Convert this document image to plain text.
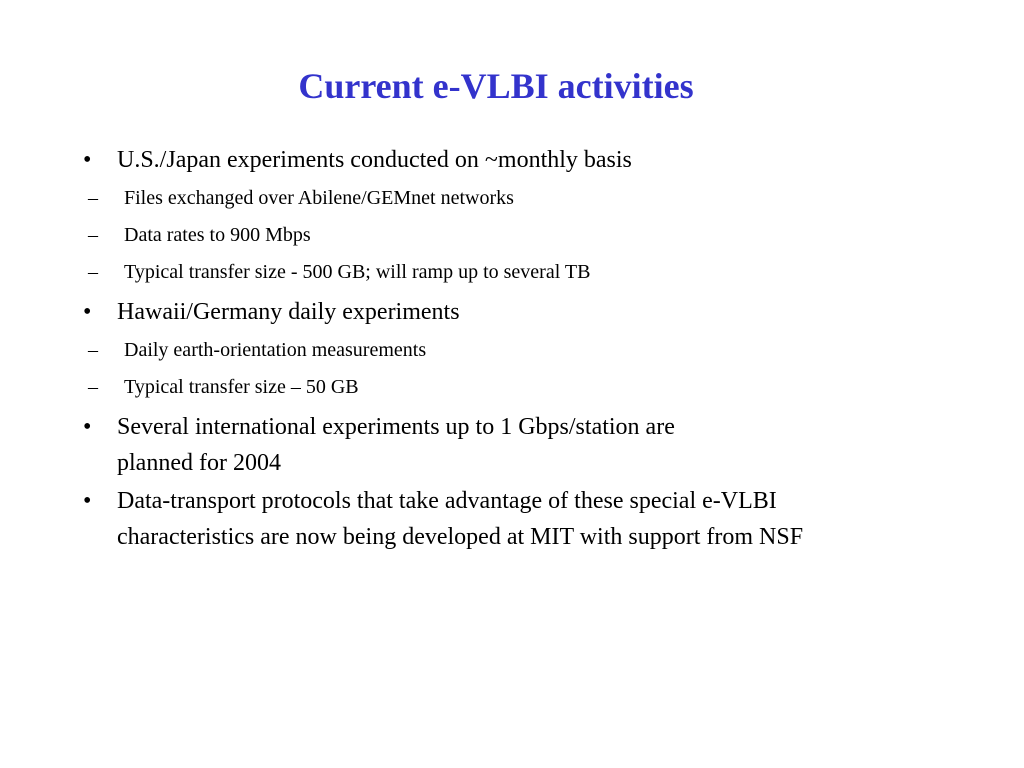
Current e-VLBI activities
•	U.S./Japan experiments conducted on ~monthly basis
–	Files exchanged over Abilene/GEMnet networks
–	Data rates to 900 Mbps
–	Typical transfer size - 500 GB; will ramp up to several TB
•	Hawaii/Germany daily experiments
–	Daily earth-orientation measurements
–	Typical transfer size – 50 GB
•	Several international experiments up to 1 Gbps/station are
planned for 2004
•	Data-transport protocols that take advantage of these special e-VLBI
characteristics are now being developed at MIT with support from NSF
